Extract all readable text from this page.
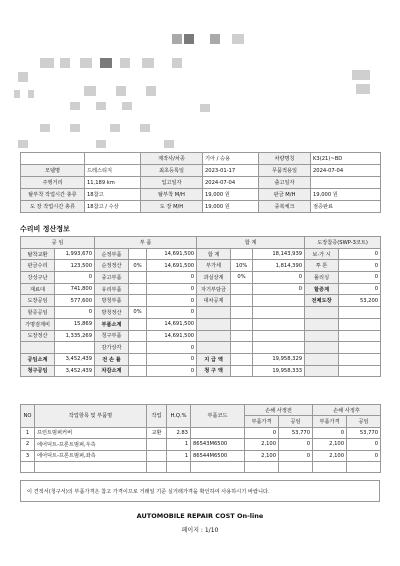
		제작사/차종	기아 / 승용	차량명칭	K3(21)~BD
모델명	드레스티지	최초등록일	2023-01-17	무품적용일	2024-07-04
주행거리	11,189 km	입고일자	2024-07-04	출고일자	
탈부착 작업시간 총류	18참고	탈부착 M/H	19,000 원	판금 M/H	19,000 원
도 장 작업시간 총류	18참고 / 수상	도 장 M/H	19,000 원	중복체크	점증완료
수리비 정산정보
공 임		부 품			합 계			도장참증(SWP-3코트)	
탈착교환	1,993,670	순정부품		14,691,500	합 계		18,143,939	보·가 시	0
판금수리	123,500	순정정산	0%	14,691,500	부가세	10%	1,814,390	투 톤	0
강성구난	0	중고부품		0	과실상계	0%	0	폴리싱	0
재료대	741,800	유리부품		0	자기부담금		0	할증계	0
도장공임	577,600	방청부품		0	대차공제			전체도장	53,200
할증공임	0	방청정산	0%	0					
가명검계비	15,869	부품소계		14,691,500					
도장정산	1,335,269	청구부품		14,691,500					
		감가상각		0					
공임소계	3,452,439	전 손 률		0	지 급 액		19,958,329		
청구공임	3,452,439	차감소계		0	청 구 액		19,958,333		
NO	작업항목 및 부품명	작업	H.Q.%	부품코드	손해 사정전		손해 사정후	
					부품가격	공임	부품가격	공임
1	프런트범퍼커버	교환	2.83		0	53,770	0	53,770
2	에어덕트-프론트범퍼,우측		1	86543M6500	2,100	0	2,100	0
3	에어덕트-프론트범퍼,좌측		1	86544M6500	2,100	0	2,100	0

이 견적서(청구서)의 부품가격은 참고 가격이므로 거래일 기준 실거래가격을 확인하여 사용하시기 바랍니다.
AUTOMOBILE REPAIR COST On-line
페이지 : 1/10
